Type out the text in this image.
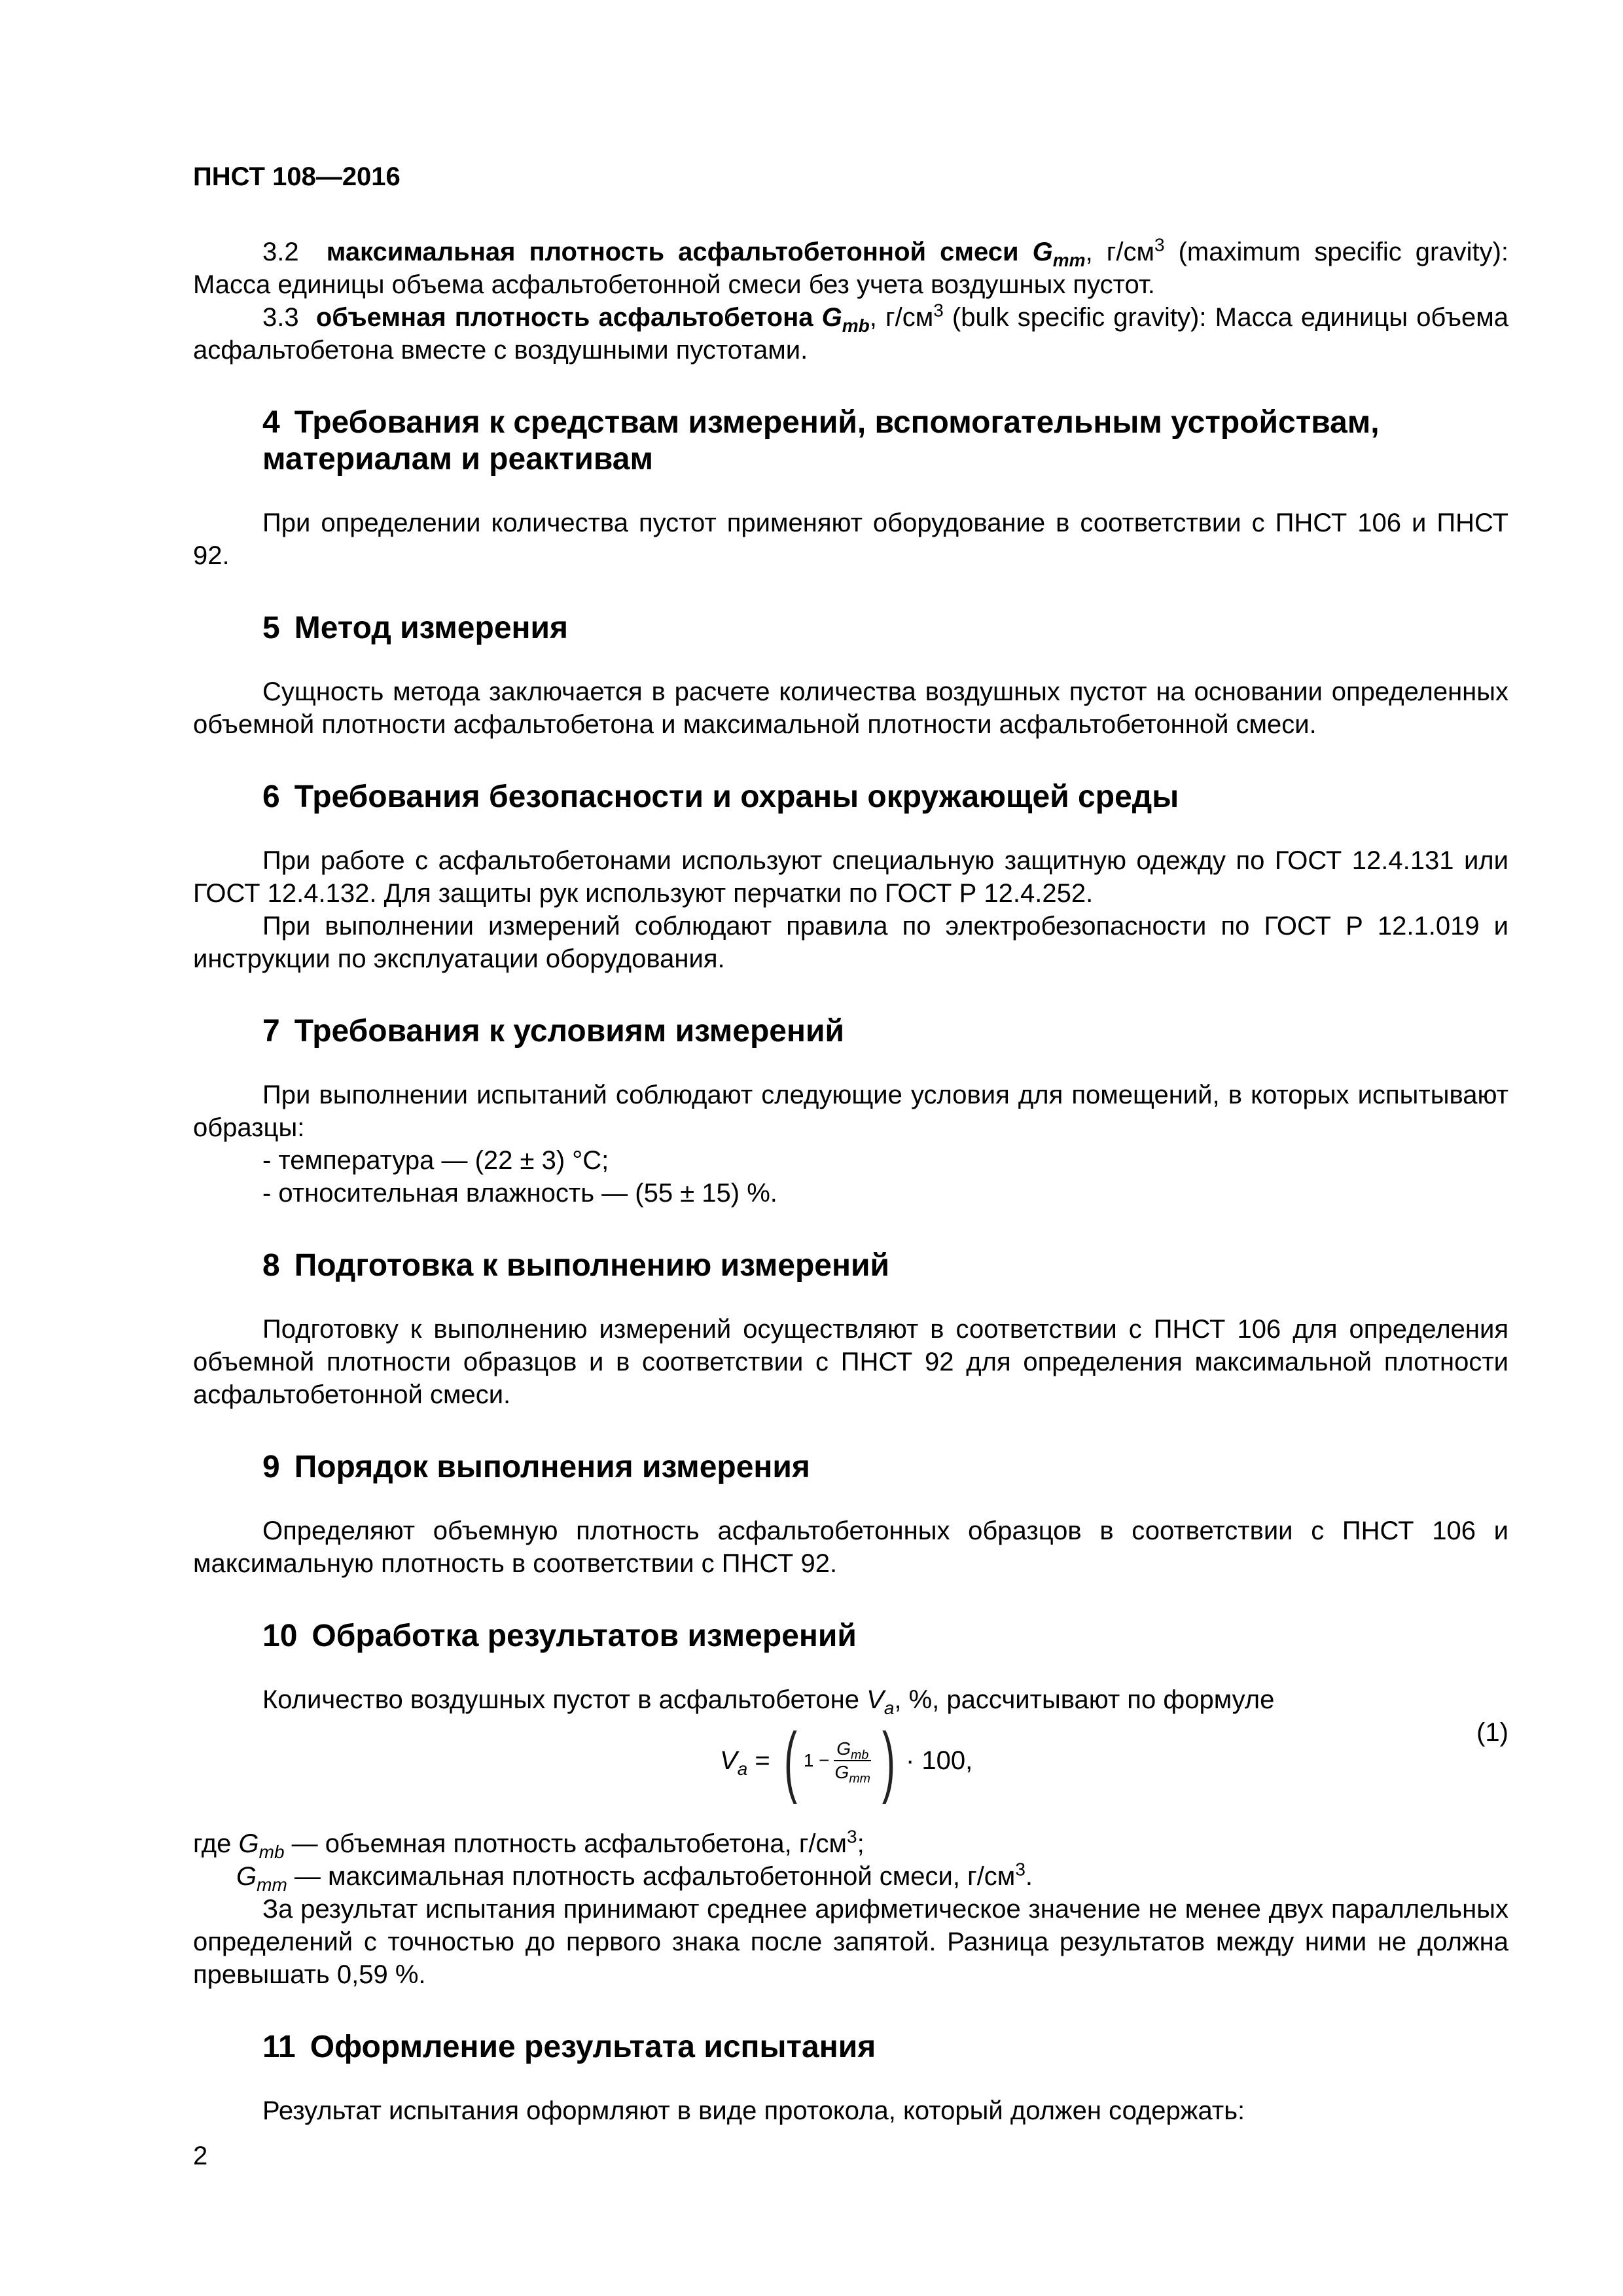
ПНСТ 108—2016

3.2 максимальная плотность асфальтобетонной смеси $G_{mm}$, $г/см^3$ (maximum specific gravity): Масса единицы объема асфальтобетонной смеси без учета воздушных пустот.

3.3 объемная плотность асфальтобетона $G_{mb}$, $г/см^3$ (bulk specific gravity): Масса единицы объема асфальтобетона вместе с воздушными пустотами.

4 Требования к средствам измерений, вспомогательным устройствам,
материалам и реактивам

При определении количества пустот применяют оборудование в соответствии с ПНСТ 106 и ПНСТ 92.

5 Метод измерения

Сущность метода заключается в расчете количества воздушных пустот на основании определенных объемной плотности асфальтобетона и максимальной плотности асфальтобетонной смеси.

6 Требования безопасности и охраны окружающей среды

При работе с асфальтобетонами используют специальную защитную одежду по ГОСТ 12.4.131 или ГОСТ 12.4.132. Для защиты рук используют перчатки по ГОСТ Р 12.4.252.

При выполнении измерений соблюдают правила по электробезопасности по ГОСТ Р 12.1.019 и инструкции по эксплуатации оборудования.

7 Требования к условиям измерений

При выполнении испытаний соблюдают следующие условия для помещений, в которых испытывают образцы:

- температура — (22 ± 3) °C;

- относительная влажность — (55 ± 15) %.

8 Подготовка к выполнению измерений

Подготовку к выполнению измерений осуществляют в соответствии с ПНСТ 106 для определения объемной плотности образцов и в соответствии с ПНСТ 92 для определения максимальной плотности асфальтобетонной смеси.

9 Порядок выполнения измерения

Определяют объемную плотность асфальтобетонных образцов в соответствии с ПНСТ 106 и максимальную плотность в соответствии с ПНСТ 92.

10 Обработка результатов измерений

Количество воздушных пустот в асфальтобетоне $V_a$, %, рассчитывают по формуле

$V_a$ = ( $1 - \frac{G_{mb}}{G_{mm}}$ ) · 100,
(1)

где $G_{mb}$ — объемная плотность асфальтобетона, $г/см^3$;

$G_{mm}$ — максимальная плотность асфальтобетонной смеси, $г/см^3$.

За результат испытания принимают среднее арифметическое значение не менее двух параллельных определений с точностью до первого знака после запятой. Разница результатов между ними не должна превышать 0,59 %.

11 Оформление результата испытания

Результат испытания оформляют в виде протокола, который должен содержать:

2
